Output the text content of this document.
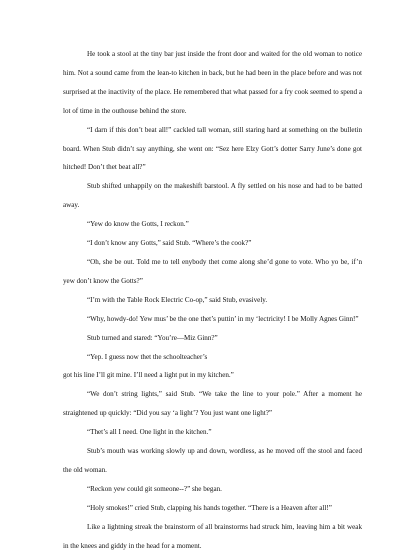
He took a stool at the tiny bar just inside the front door and waited for the old woman to notice him. Not a sound came from the lean-to kitchen in back, but he had been in the place before and was not surprised at the inactivity of the place. He remembered that what passed for a fry cook seemed to spend a lot of time in the outhouse behind the store.

“I darn if this don’t beat all!” cackled tall woman, still staring hard at something on the bulletin board. When Stub didn’t say anything, she went on: “Sez here Elzy Gott’s dotter Sarry June’s done got hitched! Don’t thet beat all?”

Stub shifted unhappily on the makeshift barstool. A fly settled on his nose and had to be batted away.

“Yew do know the Gotts, I reckon.”

“I don’t know any Gotts,” said Stub. “Where’s the cook?”

“Oh, she be out. Told me to tell enybody thet come along she’d gone to vote. Who yo be, if’n yew don’t know the Gotts?”

“I’m with the Table Rock Electric Co-op,” said Stub, evasively.

“Why, howdy-do! Yew mus’ be the one thet’s puttin’ in my ‘lectricity! I be Molly Agnes Ginn!”

Stub turned and stared: “You’re—Miz Ginn?”

“Yep. I guess now thet the schoolteacher’s

got his line I’ll git mine. I’ll need a light put in my kitchen.”

“We don’t string lights,” said Stub. “We take the line to your pole.” After a moment he straightened up quickly: “Did you say ‘a light’? You just want one light?”

“Thet’s all I need. One light in the kitchen.”

Stub’s mouth was working slowly up and down, wordless, as he moved off the stool and faced the old woman.

“Reckon yew could git someone--?” she began.

“Holy smokes!” cried Stub, clapping his hands together. “There is a Heaven after all!”

Like a lightning streak the brainstorm of all brainstorms had struck him, leaving him a bit weak in the knees and giddy in the head for a moment.
